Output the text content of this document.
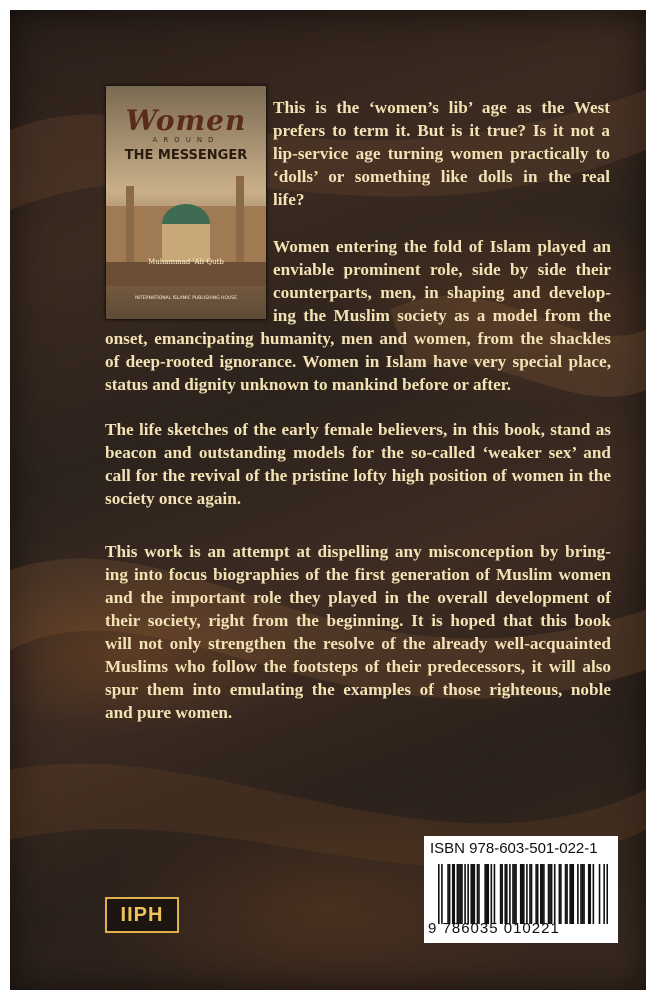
Women
AROUND
THE MESSENGER
Muhammad 'Ali Qutb
INTERNATIONAL ISLAMIC PUBLISHING HOUSE

This is the ‘women’s lib’ age as the West
prefers to term it. But is it true? Is it not a
lip-service age turning women practically to
‘dolls’ or something like dolls in the real
life?

Women entering the fold of Islam played an
enviable prominent role, side by side their
counterparts, men, in shaping and develop-
ing the Muslim society as a model from the
onset, emancipating humanity, men and women, from the shackles
of deep-rooted ignorance. Women in Islam have very special place,
status and dignity unknown to mankind before or after.

The life sketches of the early female believers, in this book, stand as
beacon and outstanding models for the so-called ‘weaker sex’ and
call for the revival of the pristine lofty high position of women in the
society once again.

This work is an attempt at dispelling any misconception by bring-
ing into focus biographies of the first generation of Muslim women
and the important role they played in the overall development of
their society, right from the beginning. It is hoped that this book
will not only strengthen the resolve of the already well-acquainted
Muslims who follow the footsteps of their predecessors, it will also
spur them into emulating the examples of those righteous, noble
and pure women.

ISBN 978-603-501-022-1
9 786035 010221
IIPH
